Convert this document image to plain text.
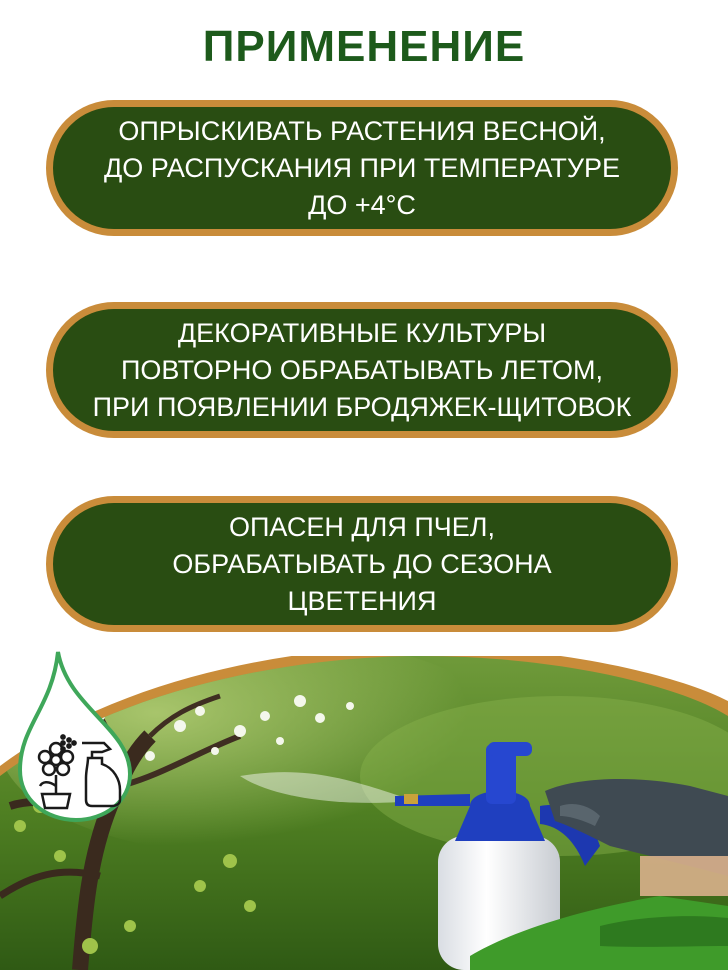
ПРИМЕНЕНИЕ
ОПРЫСКИВАТЬ РАСТЕНИЯ ВЕСНОЙ,
ДО РАСПУСКАНИЯ ПРИ ТЕМПЕРАТУРЕ
ДО +4°С
ДЕКОРАТИВНЫЕ КУЛЬТУРЫ
ПОВТОРНО ОБРАБАТЫВАТЬ ЛЕТОМ,
ПРИ ПОЯВЛЕНИИ БРОДЯЖЕК-ЩИТОВОК
ОПАСЕН ДЛЯ ПЧЕЛ,
ОБРАБАТЫВАТЬ ДО СЕЗОНА
ЦВЕТЕНИЯ
